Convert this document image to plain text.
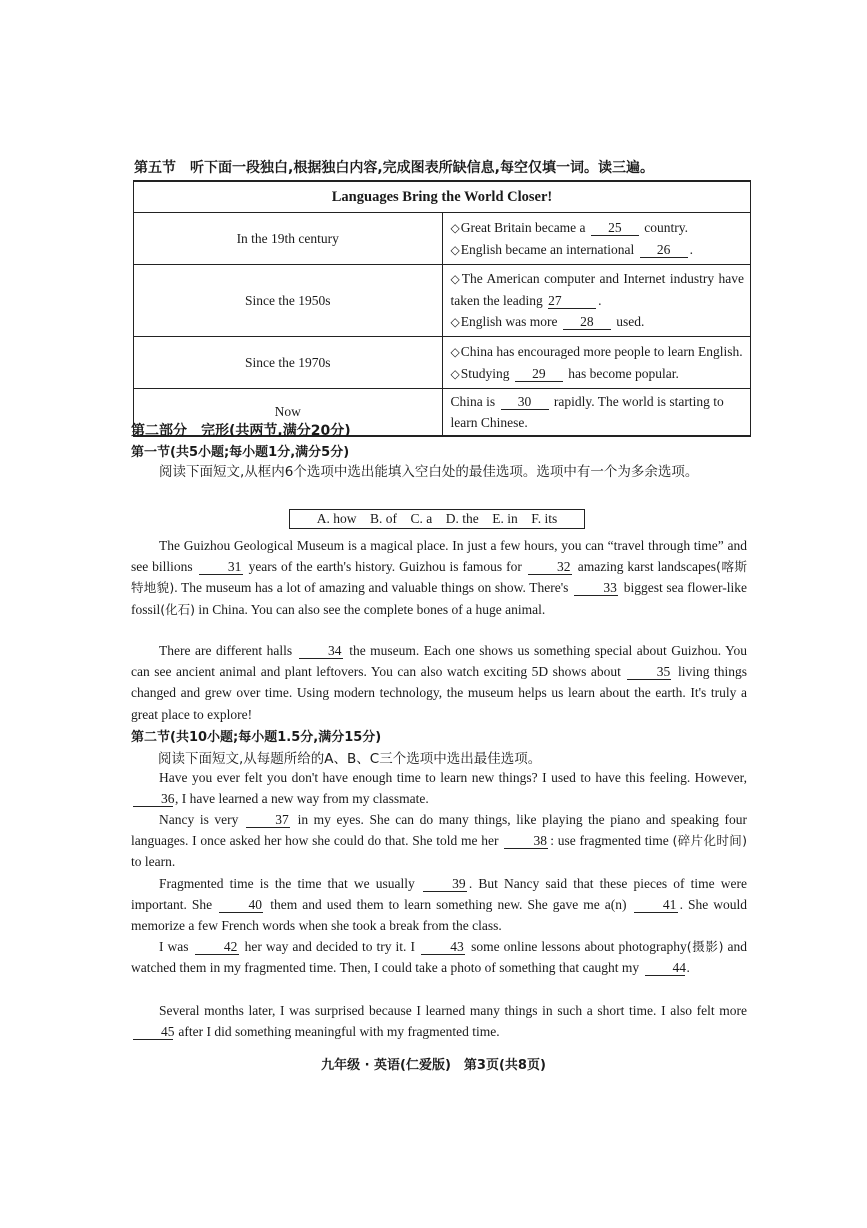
第五节　听下面一段独白,根据独白内容,完成图表所缺信息,每空仅填一词。读三遍。
Languages Bring the World Closer!	
In the 19th century	◇Great Britain became a 25 country.
◇English became an international 26 .

Since the 1950s	◇The American computer and Internet industry have taken the leading 27 .
◇English was more 28 used.

Since the 1970s	◇China has encouraged more people to learn English.
◇Studying 29 has become popular.

Now	China is 30 rapidly. The world is starting to learn Chinese.
第二部分　完形(共两节,满分20分)
第一节(共5小题;每小题1分,满分5分)
阅读下面短文,从框内6个选项中选出能填入空白处的最佳选项。选项中有一个为多余选项。
A. how　B. of　C. a　D. the　E. in　F. its
The Guizhou Geological Museum is a magical place. In just a few hours, you can “travel through time” and see billions	31 years of the earth's history. Guizhou is famous for	32 amazing karst landscapes(喀斯特地貌). The museum has a lot of amazing and valuable things on show. There's	33 biggest sea flower-like fossil(化石) in China. You can also see the complete bones of a huge animal.
There are different halls	34 the museum. Each one shows us something special about Guizhou. You can see ancient animal and plant leftovers. You can also watch exciting 5D shows about	35 living things changed and grew over time. Using modern technology, the museum helps us learn about the earth. It's truly a great place to explore!
第二节(共10小题;每小题1.5分,满分15分)
阅读下面短文,从每题所给的A、B、C三个选项中选出最佳选项。
Have you ever felt you don't have enough time to learn new things? I used to have this feeling. However, 36, I have learned a new way from my classmate.
Nancy is very	37 in my eyes. She can do many things, like playing the piano and speaking four languages. I once asked her how she could do that. She told me her	38 : use fragmented time (碎片化时间) to learn.
Fragmented time is the time that we usually	39 . But Nancy said that these pieces of time were important. She	40 them and used them to learn something new. She gave me a(n)	41 . She would memorize a few French words when she took a break from the class.
I was	42 her way and decided to try it. I	43 some online lessons about photography(摄影) and watched them in my fragmented time. Then, I could take a photo of something that caught my 44.
Several months later, I was surprised because I learned many things in such a short time. I also felt more 45 after I did something meaningful with my fragmented time.
九年级 · 英语(仁爱版)　第3页(共8页)
